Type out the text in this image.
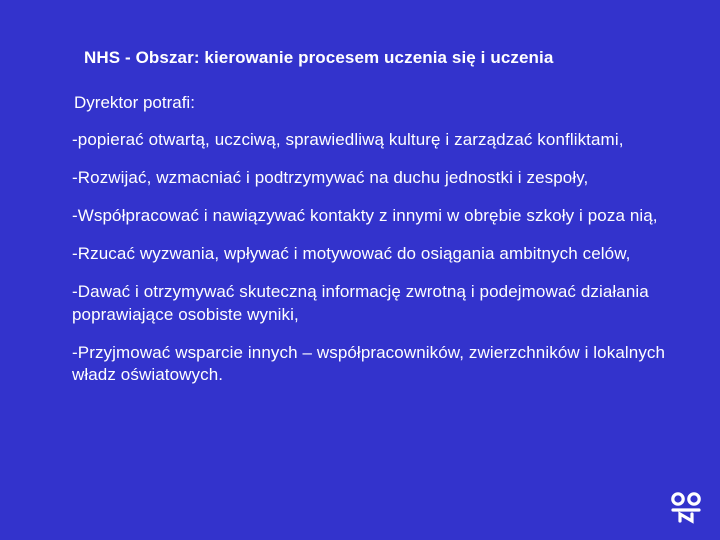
NHS - Obszar: kierowanie procesem uczenia się i uczenia
Dyrektor potrafi:
-popierać otwartą, uczciwą, sprawiedliwą kulturę i zarządzać konfliktami,
-Rozwijać, wzmacniać i podtrzymywać na duchu jednostki i zespoły,
-Współpracować i nawiązywać kontakty z innymi w obrębie szkoły i poza nią,
-Rzucać wyzwania, wpływać i motywować do osiągania ambitnych celów,
-Dawać i otrzymywać skuteczną informację zwrotną i podejmować działania poprawiające osobiste wyniki,
-Przyjmować wsparcie innych – współpracowników, zwierzchników i lokalnych władz oświatowych.
